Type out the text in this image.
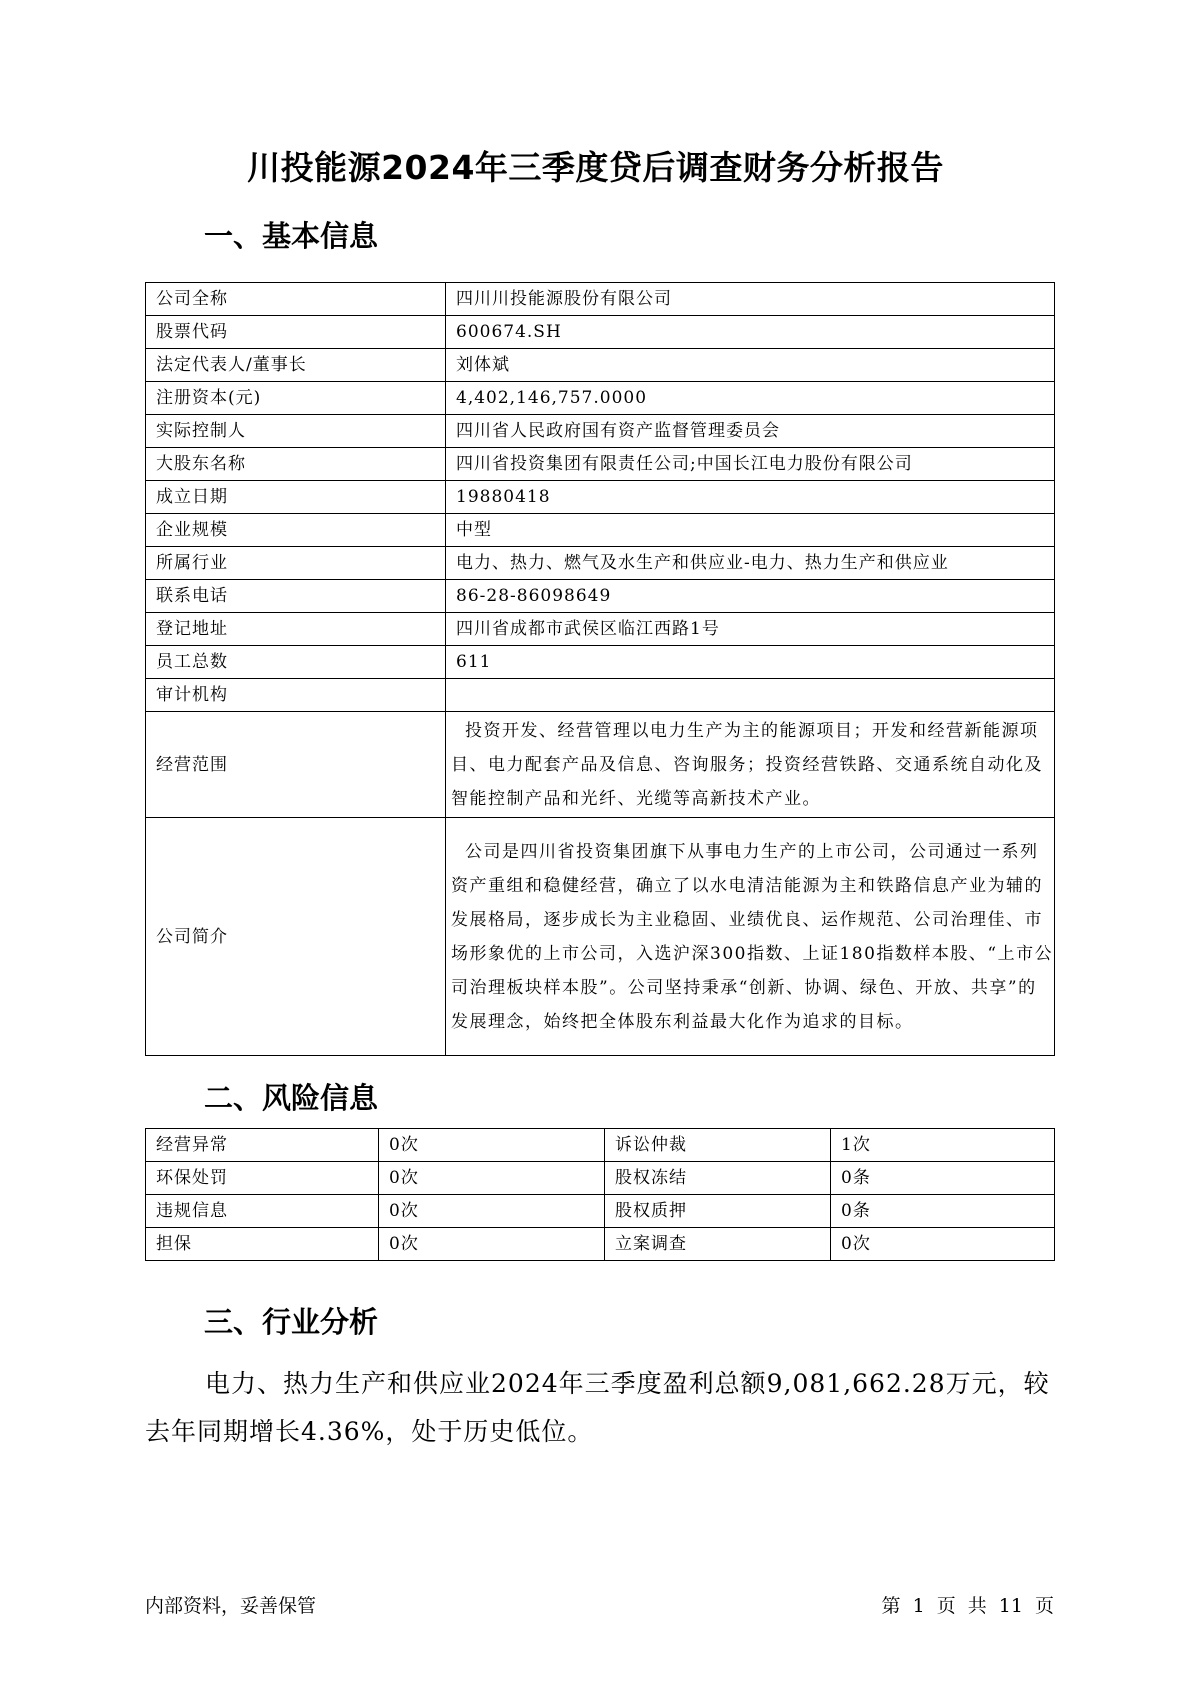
川投能源2024年三季度贷后调查财务分析报告
一、基本信息
公司全称	四川川投能源股份有限公司
股票代码	600674.SH
法定代表人/董事长	刘体斌
注册资本(元)	4,402,146,757.0000
实际控制人	四川省人民政府国有资产监督管理委员会
大股东名称	四川省投资集团有限责任公司;中国长江电力股份有限公司
成立日期	19880418
企业规模	中型
所属行业	电力、热力、燃气及水生产和供应业-电力、热力生产和供应业
联系电话	86-28-86098649
登记地址	四川省成都市武侯区临江西路1号
员工总数	611
审计机构	
经营范围	投资开发、经营管理以电力生产为主的能源项目；开发和经营新能源项目、电力配套产品及信息、咨询服务；投资经营铁路、交通系统自动化及智能控制产品和光纤、光缆等高新技术产业。
公司简介	公司是四川省投资集团旗下从事电力生产的上市公司，公司通过一系列资产重组和稳健经营，确立了以水电清洁能源为主和铁路信息产业为辅的发展格局，逐步成长为主业稳固、业绩优良、运作规范、公司治理佳、市场形象优的上市公司，入选沪深300指数、上证180指数样本股、“上市公司治理板块样本股”。公司坚持秉承“创新、协调、绿色、开放、共享”的发展理念，始终把全体股东利益最大化作为追求的目标。
二、风险信息
经营异常	0次	诉讼仲裁	1次
环保处罚	0次	股权冻结	0条
违规信息	0次	股权质押	0条
担保	0次	立案调查	0次
三、行业分析
电力、热力生产和供应业2024年三季度盈利总额9,081,662.28万元，较去年同期增长4.36%，处于历史低位。
内部资料，妥善保管	第 1 页 共 11 页
